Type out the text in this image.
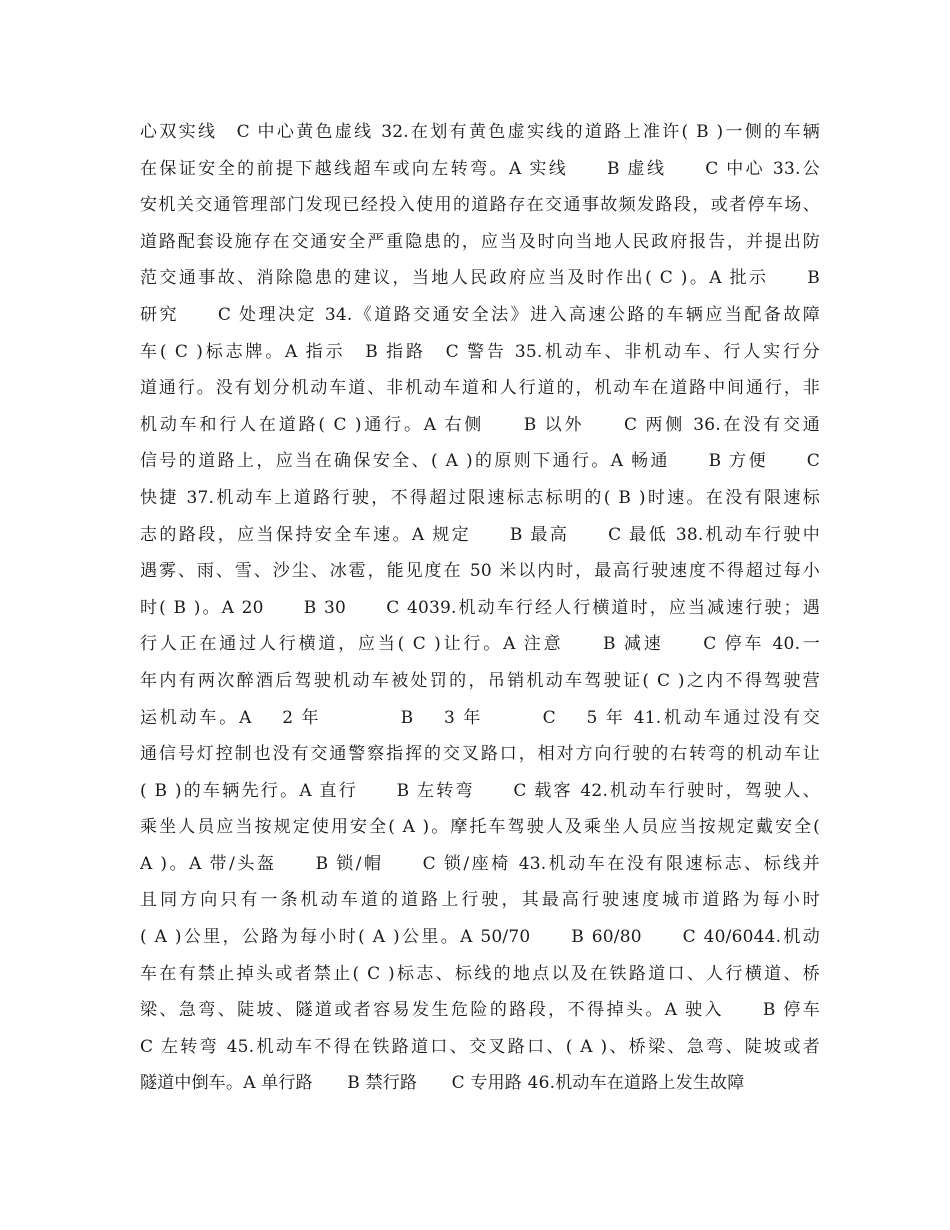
心双实线　C 中心黄色虚线 32.在划有黄色虚实线的道路上准许( B )一侧的车辆
在保证安全的前提下越线超车或向左转弯。A 实线　　B 虚线　　C 中心 33.公
安机关交通管理部门发现已经投入使用的道路存在交通事故频发路段，或者停车场、
道路配套设施存在交通安全严重隐患的，应当及时向当地人民政府报告，并提出防
范交通事故、消除隐患的建议，当地人民政府应当及时作出( C )。A 批示　　B
研究　　C 处理决定 34.《道路交通安全法》进入高速公路的车辆应当配备故障
车( C )标志牌。A 指示　B 指路　C 警告 35.机动车、非机动车、行人实行分
道通行。没有划分机动车道、非机动车道和人行道的，机动车在道路中间通行，非
机动车和行人在道路( C )通行。A 右侧　　B 以外　　C 两侧 36.在没有交通
信号的道路上，应当在确保安全、( A )的原则下通行。A 畅通　　B 方便　　C
快捷 37.机动车上道路行驶，不得超过限速标志标明的( B )时速。在没有限速标
志的路段，应当保持安全车速。A 规定　　B 最高　　C 最低 38.机动车行驶中
遇雾、雨、雪、沙尘、冰雹，能见度在 50 米以内时，最高行驶速度不得超过每小
时( B )。A 20　　B 30　　C 4039.机动车行经人行横道时，应当减速行驶；遇
行人正在通过人行横道，应当( C )让行。A 注意　　B 减速　　C 停车 40.一
年内有两次醉酒后驾驶机动车被处罚的，吊销机动车驾驶证( C )之内不得驾驶营
运机动车。A　 2 年　　　　B　 3 年　　　C　 5 年 41.机动车通过没有交
通信号灯控制也没有交通警察指挥的交叉路口，相对方向行驶的右转弯的机动车让
( B )的车辆先行。A 直行　　B 左转弯　　C 载客 42.机动车行驶时，驾驶人、
乘坐人员应当按规定使用安全( A )。摩托车驾驶人及乘坐人员应当按规定戴安全(
A )。A 带/头盔　　B 锁/帽　　C 锁/座椅 43.机动车在没有限速标志、标线并
且同方向只有一条机动车道的道路上行驶，其最高行驶速度城市道路为每小时
( A )公里，公路为每小时( A )公里。A 50/70　　B 60/80　　C 40/6044.机动
车在有禁止掉头或者禁止( C )标志、标线的地点以及在铁路道口、人行横道、桥
梁、急弯、陡坡、隧道或者容易发生危险的路段，不得掉头。A 驶入　　B 停车
C 左转弯 45.机动车不得在铁路道口、交叉路口、( A )、桥梁、急弯、陡坡或者
隧道中倒车。A 单行路　　B 禁行路　　C 专用路 46.机动车在道路上发生故障
